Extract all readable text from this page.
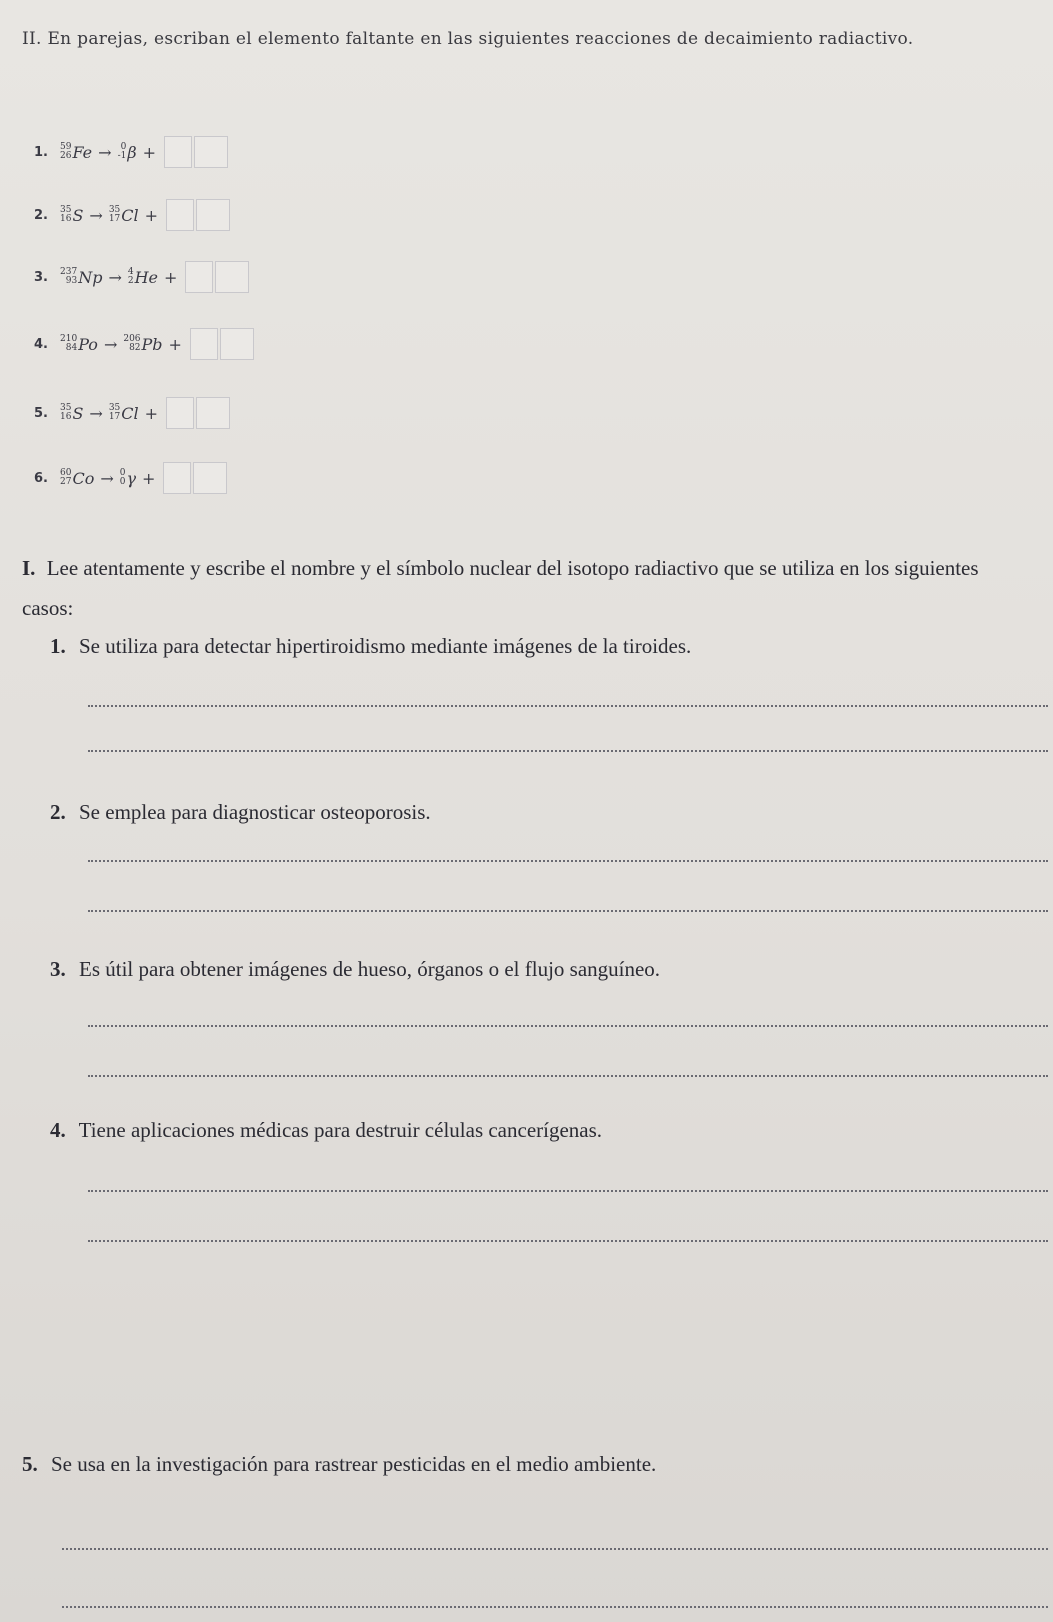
II. En parejas, escriban el elemento faltante en las siguientes reacciones de decaimiento radiactivo.
1.	59
26 Fe →	0
-1 β +
2.	35
16 S → 35
17 Cl +
3.	237
93 Np → 4
2 He +
4.	210
84 Po → 206
82 Pb +
5.	35
16 S → 35
17 Cl +
6.	60
27 Co → 0
0 γ +
I. Lee atentamente y escribe el nombre y el símbolo nuclear del isotopo radiactivo que se utiliza en los siguientes casos:
1. Se utiliza para detectar hipertiroidismo mediante imágenes de la tiroides.
2. Se emplea para diagnosticar osteoporosis.
3. Es útil para obtener imágenes de hueso, órganos o el flujo sanguíneo.
4. Tiene aplicaciones médicas para destruir células cancerígenas.
5. Se usa en la investigación para rastrear pesticidas en el medio ambiente.
